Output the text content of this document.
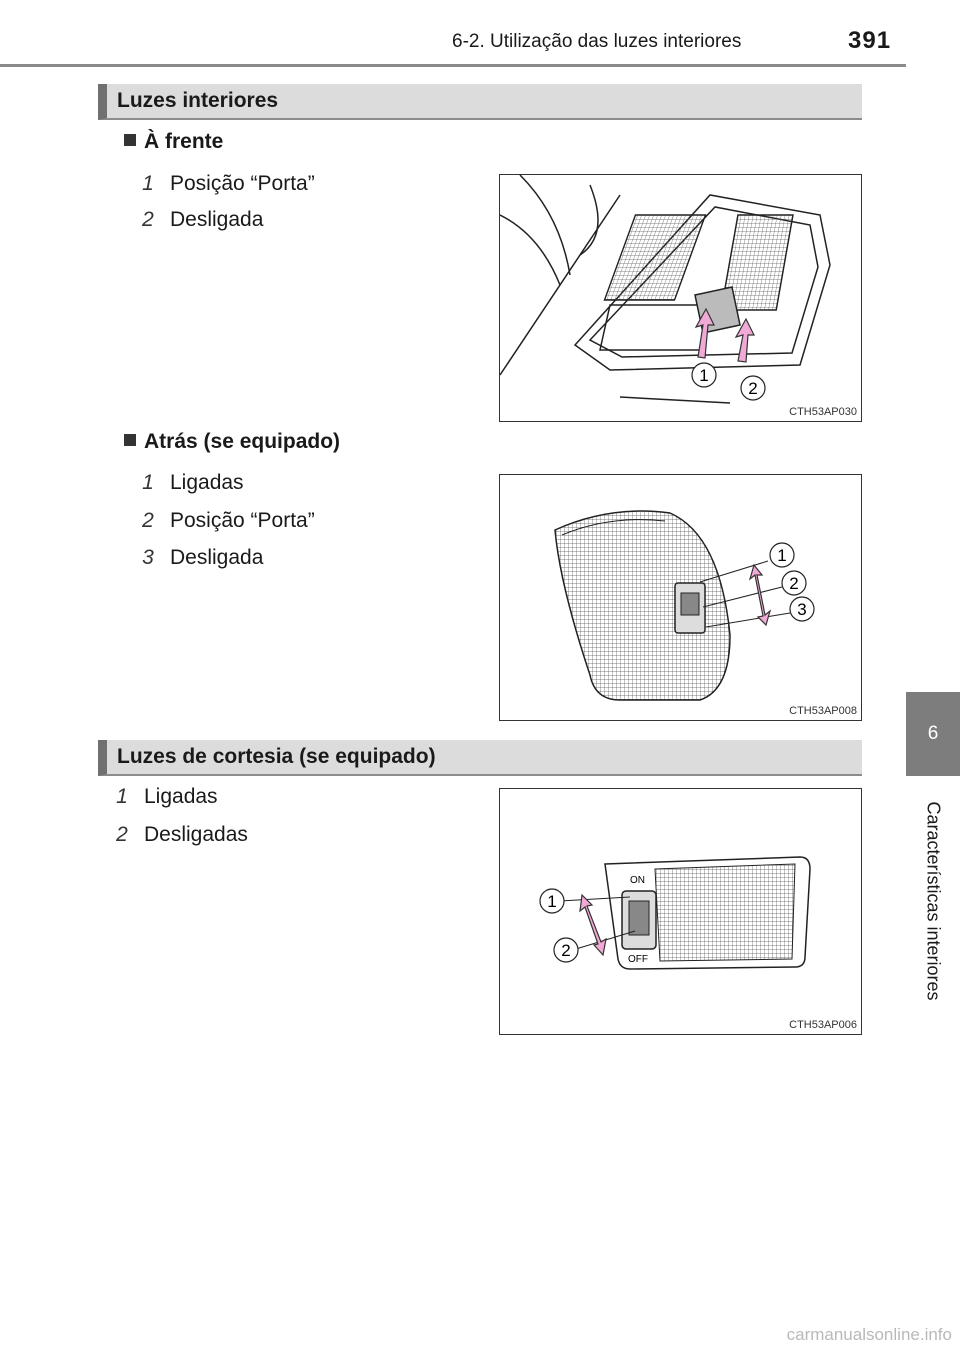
6-2. Utilização das luzes interiores	391
6
Características interiores
Luzes interiores
À frente
1 Posição “Porta”
2 Desligada
1
2
CTH53AP030
Atrás (se equipado)
1 Ligadas
2 Posição “Porta”
3 Desligada	1
2
3
CTH53AP008
Luzes de cortesia (se equipado)
1 Ligadas
2 Desligadas
ON
OFF
1
2
CTH53AP006
carmanualsonline.info
